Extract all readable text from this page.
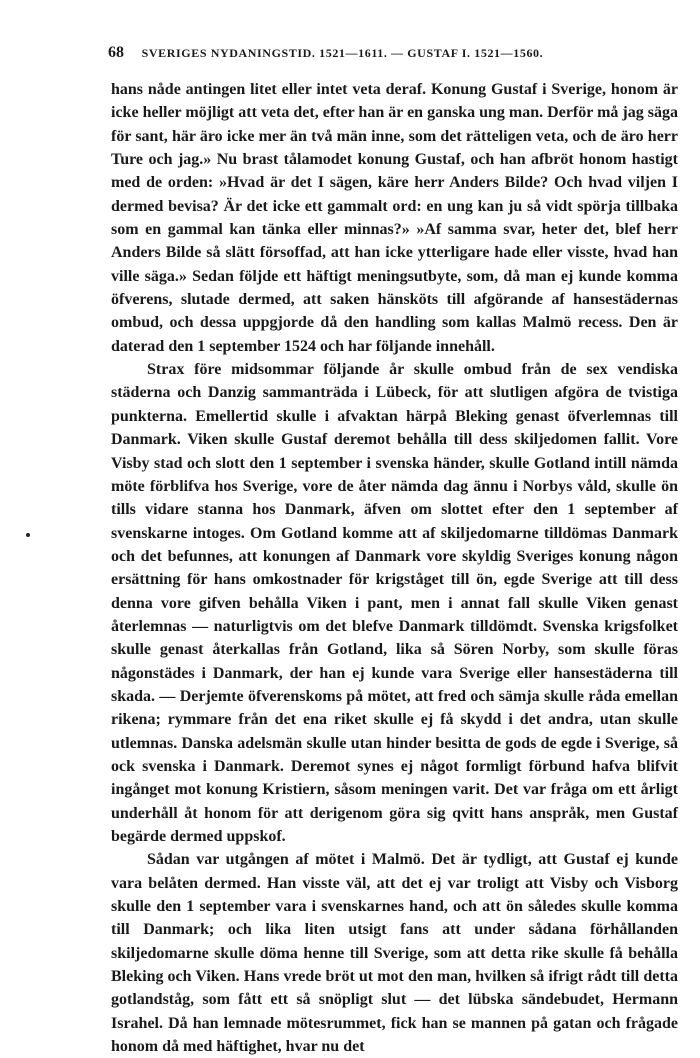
68 SVERIGES NYDANINGSTID. 1521—1611. — GUSTAF I. 1521—1560.

hans nåde antingen litet eller intet veta deraf. Konung Gustaf i Sverige, honom är icke heller möjligt att veta det, efter han är en ganska ung man. Derför må jag säga för sant, här äro icke mer än två män inne, som det rätteligen veta, och de äro herr Ture och jag.» Nu brast tålamodet konung Gustaf, och han afbröt honom hastigt med de orden: »Hvad är det I sägen, käre herr Anders Bilde? Och hvad viljen I dermed bevisa? Är det icke ett gammalt ord: en ung kan ju så vidt spörja tillbaka som en gammal kan tänka eller minnas?» »Af samma svar, heter det, blef herr Anders Bilde så slätt försoffad, att han icke ytterligare hade eller visste, hvad han ville säga.» Sedan följde ett häftigt meningsutbyte, som, då man ej kunde komma öfverens, slutade dermed, att saken hänsköts till afgörande af hansestädernas ombud, och dessa uppgjorde då den handling som kallas Malmö recess. Den är daterad den 1 september 1524 och har följande innehåll.

Strax före midsommar följande år skulle ombud från de sex vendiska städerna och Danzig sammanträda i Lübeck, för att slutligen afgöra de tvistiga punkterna. Emellertid skulle i afvaktan härpå Bleking genast öfverlemnas till Danmark. Viken skulle Gustaf deremot behålla till dess skiljedomen fallit. Vore Visby stad och slott den 1 september i svenska händer, skulle Gotland intill nämda möte förblifva hos Sverige, vore de åter nämda dag ännu i Norbys våld, skulle ön tills vidare stanna hos Danmark, äfven om slottet efter den 1 september af svenskarne intoges. Om Gotland komme att af skiljedomarne tilldömas Danmark och det befunnes, att konungen af Danmark vore skyldig Sveriges konung någon ersättning för hans omkostnader för krigståget till ön, egde Sverige att till dess denna vore gifven behålla Viken i pant, men i annat fall skulle Viken genast återlemnas — naturligtvis om det blefve Danmark tilldömdt. Svenska krigsfolket skulle genast återkallas från Gotland, lika så Sören Norby, som skulle föras någonstädes i Danmark, der han ej kunde vara Sverige eller hansestäderna till skada. — Derjemte öfverenskoms på mötet, att fred och sämja skulle råda emellan rikena; rymmare från det ena riket skulle ej få skydd i det andra, utan skulle utlemnas. Danska adelsmän skulle utan hinder besitta de gods de egde i Sverige, så ock svenska i Danmark. Deremot synes ej något formligt förbund hafva blifvit ingånget mot konung Kristiern, såsom meningen varit. Det var fråga om ett årligt underhåll åt honom för att derigenom göra sig qvitt hans anspråk, men Gustaf begärde dermed uppskof.

Sådan var utgången af mötet i Malmö. Det är tydligt, att Gustaf ej kunde vara belåten dermed. Han visste väl, att det ej var troligt att Visby och Visborg skulle den 1 september vara i svenskarnes hand, och att ön således skulle komma till Danmark; och lika liten utsigt fans att under sådana förhållanden skiljedomarne skulle döma henne till Sverige, som att detta rike skulle få behålla Bleking och Viken. Hans vrede bröt ut mot den man, hvilken så ifrigt rådt till detta gotlandståg, som fått ett så snöpligt slut — det lübska sändebudet, Hermann Israhel. Då han lemnade mötesrummet, fick han se mannen på gatan och frågade honom då med häftighet, hvar nu det
